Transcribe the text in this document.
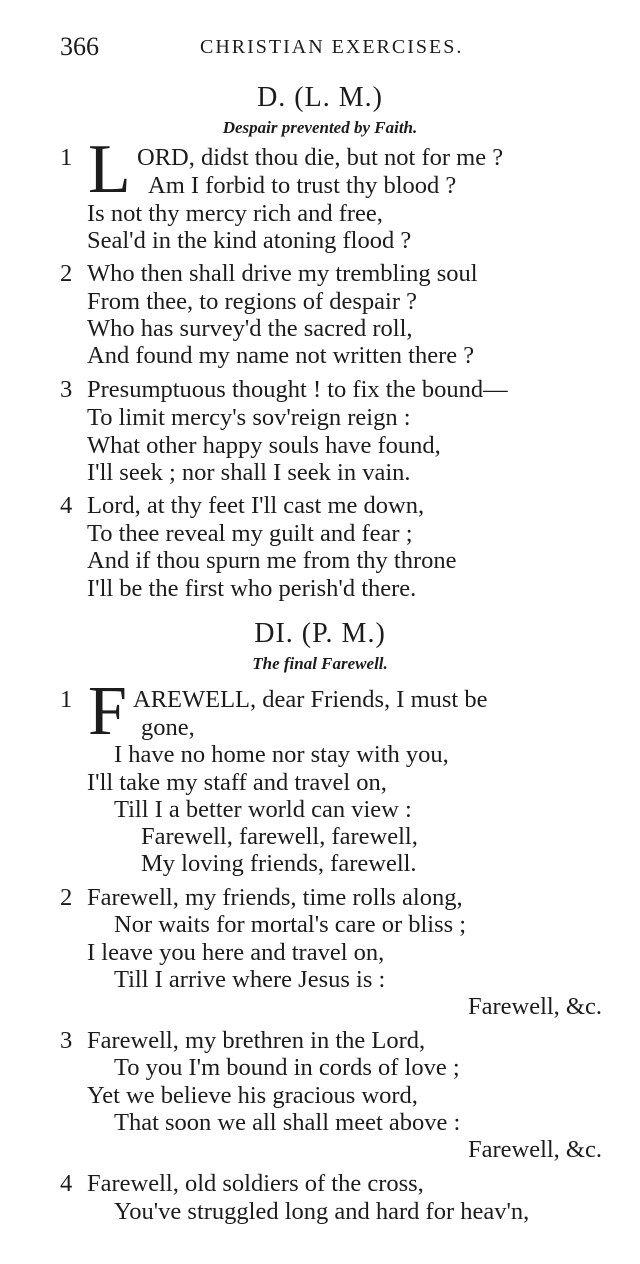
366	CHRISTIAN EXERCISES.
D. (L. M.)
Despair prevented by Faith.
1 L ORD, didst thou die, but not for me ?
Am I forbid to trust thy blood ?
Is not thy mercy rich and free,
Seal'd in the kind atoning flood ?
2 Who then shall drive my trembling soul
From thee, to regions of despair ?
Who has survey'd the sacred roll,
And found my name not written there ?
3 Presumptuous thought ! to fix the bound—
To limit mercy's sov'reign reign :
What other happy souls have found,
I'll seek ; nor shall I seek in vain.
4 Lord, at thy feet I'll cast me down,
To thee reveal my guilt and fear ;
And if thou spurn me from thy throne
I'll be the first who perish'd there.
DI. (P. M.)
The final Farewell.
1 F AREWELL, dear Friends, I must be
gone,
I have no home nor stay with you,
I'll take my staff and travel on,
Till I a better world can view :
Farewell, farewell, farewell,
My loving friends, farewell.
2 Farewell, my friends, time rolls along,
Nor waits for mortal's care or bliss ;
I leave you here and travel on,
Till I arrive where Jesus is :
Farewell, &c.
3 Farewell, my brethren in the Lord,
To you I'm bound in cords of love ;
Yet we believe his gracious word,
That soon we all shall meet above :
Farewell, &c.
4 Farewell, old soldiers of the cross,
You've struggled long and hard for heav'n,
